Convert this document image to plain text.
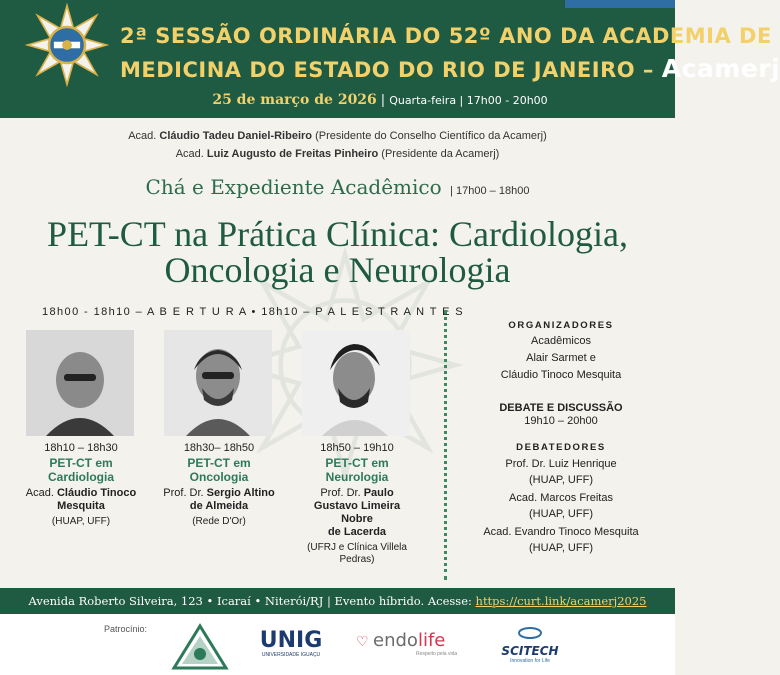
2ª SESSÃO ORDINÁRIA DO 52º ANO DA ACADEMIA DE
MEDICINA DO ESTADO DO RIO DE JANEIRO – Acamerj
25 de março de 2026 | Quarta-feira | 17h00 - 20h00
Acad. Cláudio Tadeu Daniel-Ribeiro (Presidente do Conselho Científico da Acamerj)
Acad. Luiz Augusto de Freitas Pinheiro (Presidente da Acamerj)
Chá e Expediente Acadêmico | 17h00 – 18h00
PET-CT na Prática Clínica: Cardiologia,
Oncologia e Neurologia
18h00 - 18h10 – A B E R T U R A • 18h10 – P A L E S T R A N T E S
18h10 – 18h30
PET-CT em
Cardiologia
Acad. Cláudio Tinoco
Mesquita
(HUAP, UFF)
18h30– 18h50
PET-CT em
Oncologia
Prof. Dr. Sergio Altino
de Almeida
(Rede D'Or)
18h50 – 19h10
PET-CT em
Neurologia
Prof. Dr. Paulo
Gustavo Limeira
Nobre
de Lacerda
(UFRJ e Clínica Villela
Pedras)
ORGANIZADORES
Acadêmicos
Alair Sarmet e
Cláudio Tinoco Mesquita
DEBATE E DISCUSSÃO
19h10 – 20h00
DEBATEDORES
Prof. Dr. Luiz Henrique
(HUAP, UFF)
Acad. Marcos Freitas
(HUAP, UFF)
Acad. Evandro Tinoco Mesquita
(HUAP, UFF)
Avenida Roberto Silveira, 123 • Icaraí • Niterói/RJ | Evento híbrido. Acesse: https://curt.link/acamerj2025
Patrocínio:	UNIG
UNIVERSIDADE IGUAÇU
♡ endolife
Respeito pela vida	SCITECH
Innovation for Life
